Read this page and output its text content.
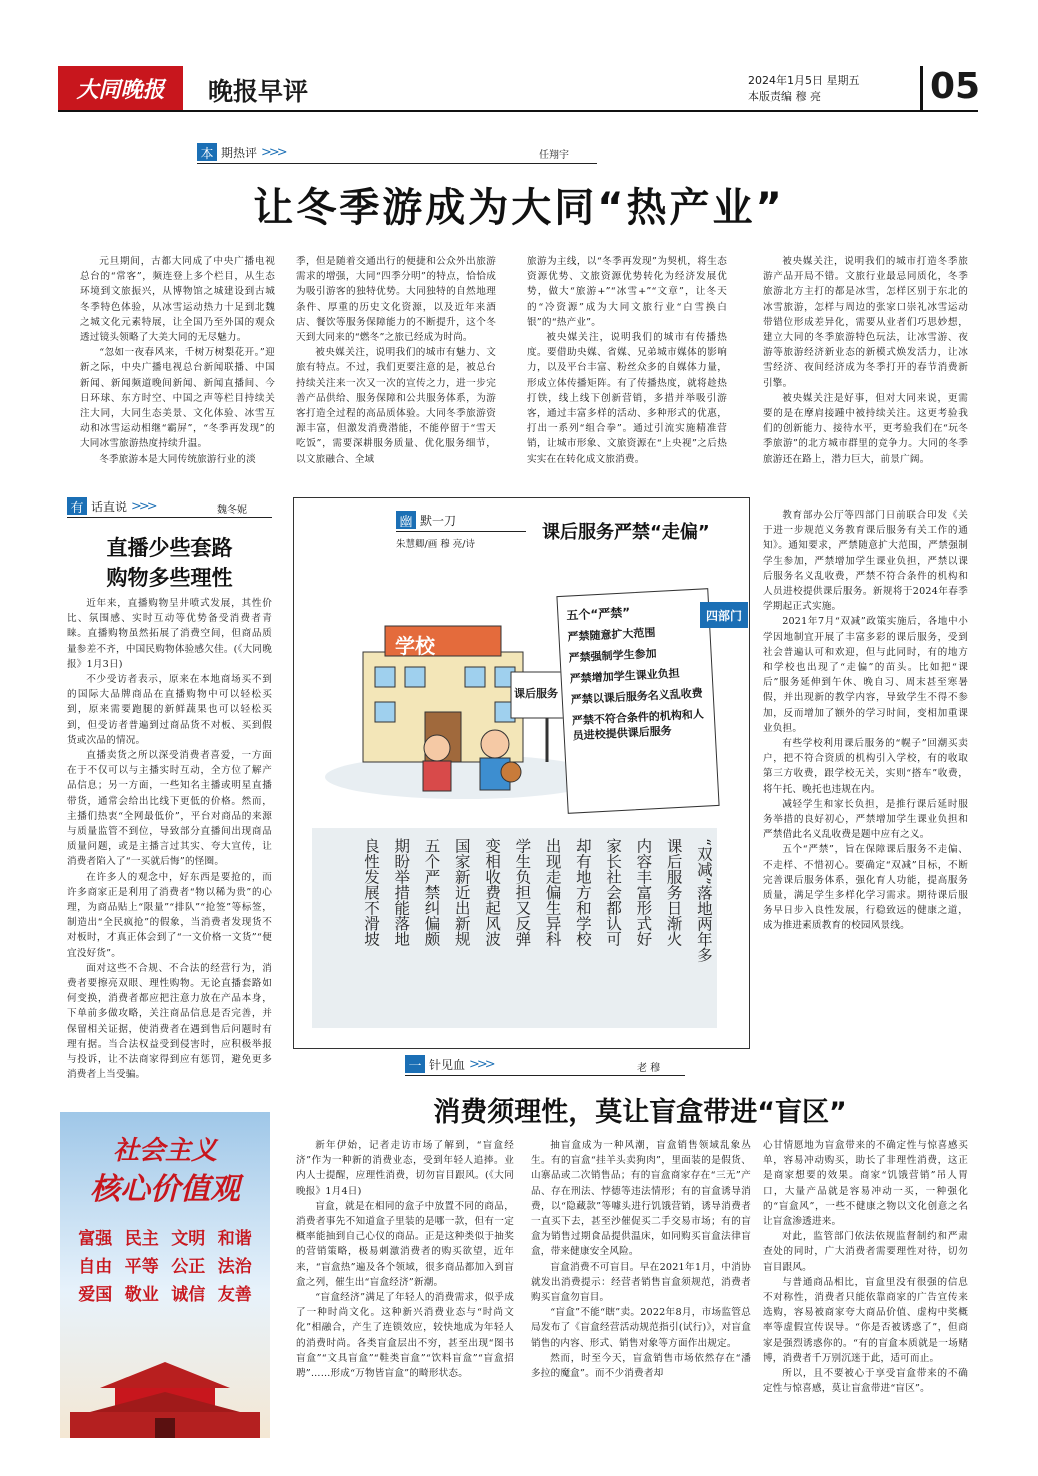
大同晚报	晚报早评	2024年1月5日 星期五
本版责编 穆 亮	05
本 期热评 >>>	任翔宇
让冬季游成为大同“热产业”

元旦期间，古都大同成了中央广播电视总台的“常客”，频连登上多个栏目，从生态环境到文旅振兴，从博物馆之城建设到古城冬季特色体验，从冰雪运动热力十足到北魏之城文化元素特展，让全国乃至外国的观众透过镜头领略了大美大同的无尽魅力。

“忽如一夜春风来，千树万树梨花开。”迎新之际，中央广播电视总台新闻联播、中国新闻、新闻频道晚间新闻、新闻直播间、今日环球、东方时空、中国之声等栏目持续关注大同，大同生态美景、文化体验、冰雪互动和冰雪运动相继“霸屏”，“冬季再发现”的大同冰雪旅游热度持续升温。

冬季旅游本是大同传统旅游行业的淡

季，但是随着交通出行的便捷和公众外出旅游需求的增强，大同“四季分明”的特点，恰恰成为吸引游客的独特优势。大同独特的自然地理条件、厚重的历史文化资源，以及近年来酒店、餐饮等服务保障能力的不断提升，这个冬天到大同来的“燃冬”之旅已经成为时尚。

被央媒关注，说明我们的城市有魅力、文旅有特点。不过，我们更要注意的是，被总台持续关注来一次又一次的宣传之力，进一步完善产品供给、服务保障和公共服务体系，为游客打造全过程的高品质体验。大同冬季旅游资源丰富，但激发消费潜能，不能停留于“雪天吃饭”，需要深耕服务质量、优化服务细节，以文旅融合、全域

旅游为主线，以“冬季再发现”为契机，将生态资源优势、文旅资源优势转化为经济发展优势，做大“旅游+”“冰雪+”“文章”，让冬天的“冷资源”成为大同文旅行业“白雪换白银”的“热产业”。

被央媒关注，说明我们的城市有传播热度。要借助央媒、省媒、兄弟城市媒体的影响力，以及平台丰富、粉丝众多的自媒体力量，形成立体传播矩阵。有了传播热度，就将趁热打铁，线上线下创新营销，多措并举吸引游客，通过丰富多样的活动、多种形式的优惠，打出一系列“组合拳”。通过引流实施精准营销，让城市形象、文旅资源在“上央视”之后热实实在在转化成文旅消费。

被央媒关注，说明我们的城市打造冬季旅游产品开局不错。文旅行业最忌同质化，冬季旅游北方主打的都是冰雪，怎样区别于东北的冰雪旅游，怎样与周边的张家口崇礼冰雪运动带错位形成差异化，需要从业者们巧思妙想，建立大同的冬季旅游特色玩法，让冰雪游、夜游等旅游经济新业态的新模式焕发活力，让冰雪经济、夜间经济成为冬季打开的春节消费新引擎。

被央媒关注是好事，但对大同来说，更需要的是在摩肩接踵中被持续关注。这更考验我们的创新能力、接待水平，更考验我们在“玩冬季旅游”的北方城市群里的竞争力。大同的冬季旅游还在路上，潜力巨大，前景广阔。

有 话直说 >>>	魏冬妮
直播少些套路
购物多些理性

近年来，直播购物呈井喷式发展，其性价比、氛围感、实时互动等优势备受消费者青睐。直播购物虽然拓展了消费空间，但商品质量参差不齐，中国民购物体验感欠佳。(《大同晚报》1月3日)

不少受访者表示，原来在本地商场买不到的国际大品牌商品在直播购物中可以轻松买到，原来需要跑腿的新鲜蔬果也可以轻松买到，但受访者普遍到过商品货不对板、买到假货或次品的情况。

直播卖货之所以深受消费者喜爱，一方面在于不仅可以与主播实时互动，全方位了解产品信息；另一方面，一些知名主播或明星直播带货，通常会给出比线下更低的价格。然而，主播们热衷“全网最低价”，平台对商品的来源与质量监管不到位，导致部分直播间出现商品质量问题，或是主播言过其实、夸大宣传，让消费者陷入了“一买就后悔”的怪圈。

在许多人的观念中，好东西是要抢的，而许多商家正是利用了消费者“物以稀为贵”的心理，为商品贴上“限量”“排队”“抢签”等标签，制造出“全民疯抢”的假象，当消费者发现货不对板时，才真正体会到了“一文价格一文货”“便宜没好货”。

面对这些不合规、不合法的经营行为，消费者要擦亮双眼、理性购物。无论直播套路如何变换，消费者都应把注意力放在产品本身，下单前多做攻略，关注商品信息是否完善，并保留相关证据，使消费者在遇到售后问题时有理有据。当合法权益受到侵害时，应积极举报与投诉，让不法商家得到应有惩罚，避免更多消费者上当受骗。

社会主义
核心价值观
富强 民主 文明 和谐
自由 平等 公正 法治
爱国 敬业 诚信 友善
幽 默一刀
朱慧卿/画 穆 亮/诗
课后服务严禁“走偏”
学校
课后服务
五个“严禁”
严禁随意扩大范围
严禁强制学生参加
严禁增加学生课业负担
严禁以课后服务名义乱收费
严禁不符合条件的机构和人员进校提供课后服务
四部门
“双减”落地两年多
课后服务日渐火
内容丰富形式好
家长社会都认可
却有地方和学校
出现走偏生异科
学生负担又反弹
变相收费起风波
国家新近出新规
五个严禁纠偏颇
期盼举措能落地
良性发展不滑坡

教育部办公厅等四部门日前联合印发《关于进一步规范义务教育课后服务有关工作的通知》。通知要求，严禁随意扩大范围，严禁强制学生参加，严禁增加学生课业负担，严禁以课后服务名义乱收费，严禁不符合条件的机构和人员进校提供课后服务。新规将于2024年春季学期起正式实施。

2021年7月“双减”政策实施后，各地中小学因地制宜开展了丰富多彩的课后服务，受到社会普遍认可和欢迎，但与此同时，有的地方和学校也出现了“走偏”的苗头。比如把“课后”服务延伸到午休、晚自习、周末甚至寒暑假，并出现新的教学内容，导致学生不得不参加，反而增加了额外的学习时间，变相加重课业负担。

有些学校利用课后服务的“幌子”回潮买卖户，把不符合资质的机构引入学校，有的收取第三方收费，跟学校无关，实则“搭车”收费，将午托、晚托也违规在内。

减轻学生和家长负担，是推行课后延时服务举措的良好初心，严禁增加学生课业负担和严禁借此名义乱收费是题中应有之义。

五个“严禁”，旨在保障课后服务不走偏、不走样、不惜初心。要确定“双减”目标，不断完善课后服务体系，强化育人功能，提高服务质量，满足学生多样化学习需求。期待课后服务早日步入良性发展，行稳致远的健康之道，成为推进素质教育的校园风景线。

一 针见血 >>>	老 穆
消费须理性，莫让盲盒带进“盲区”

新年伊始，记者走访市场了解到，“盲盒经济”作为一种新的消费业态，受到年轻人追捧。业内人士提醒，应理性消费，切勿盲目跟风。(《大同晚报》1月4日)

盲盒，就是在相同的盒子中放置不同的商品，消费者事先不知道盒子里装的是哪一款，但有一定概率能抽到自己心仪的商品。正是这种类似于抽奖的营销策略，极易刺激消费者的购买欲望，近年来，“盲盒热”遍及各个领域，很多商品都加入到盲盒之列，催生出“盲盒经济”新潮。

“盲盒经济”满足了年轻人的消费需求，似乎成了一种时尚文化。这种新兴消费业态与“时尚文化”相融合，产生了连锁效应，较快地成为年轻人的消费时尚。各类盲盒层出不穷，甚至出现“图书盲盒”“文具盲盒”“鞋类盲盒”“饮料盲盒”“盲盒招聘”……形成“万物皆盲盒”的畸形状态。

抽盲盒成为一种风潮，盲盒销售领域乱象丛生。有的盲盒“挂羊头卖狗肉”，里面装的是假货、山寨品或二次销售品；有的盲盒商家存在“三无”产品、存在刑法、悖德等违法情形；有的盲盒诱导消费，以“隐藏款”等噱头进行饥饿营销，诱导消费者一直买下去，甚至沙催促买二手交易市场；有的盲盒为销售过期食品提供温床，如同购买盲盒法律盲盒，带来健康安全风险。

盲盒消费不可盲目。早在2021年1月，中消协就发出消费提示：经营者销售盲盒须规范，消费者购买盲盒勿盲目。

“盲盒”不能“瞎”卖。2022年8月，市场监管总局发布了《盲盒经营活动规范指引(试行)》，对盲盒销售的内容、形式、销售对象等方面作出规定。

然而，时至今天，盲盒销售市场依然存在“潘多拉的魔盒”。而不少消费者却

心甘情愿地为盲盒带来的不确定性与惊喜感买单，容易冲动购买，助长了非理性消费，这正是商家想要的效果。商家“饥饿营销”吊人胃口，大量产品就是容易冲动一买，一种强化的“盲盒风”，一些不健康之物以文化创意之名让盲盒渗透进来。

对此，监管部门依法依规监督制约和严肃查处的同时，广大消费者需要理性对待，切勿盲目跟风。

与普通商品相比，盲盒里没有很强的信息不对称性，消费者只能依靠商家的广告宣传来选购，容易被商家夸大商品价值、虚构中奖概率等虚假宣传误导。“你是否被诱惑了”，但商家是强烈诱惑你的。“有的盲盒本质就是一场赌博，消费者千万别沉迷于此，适可而止。

所以，且不要被心于享受盲盒带来的不确定性与惊喜感，莫让盲盒带进“盲区”。
